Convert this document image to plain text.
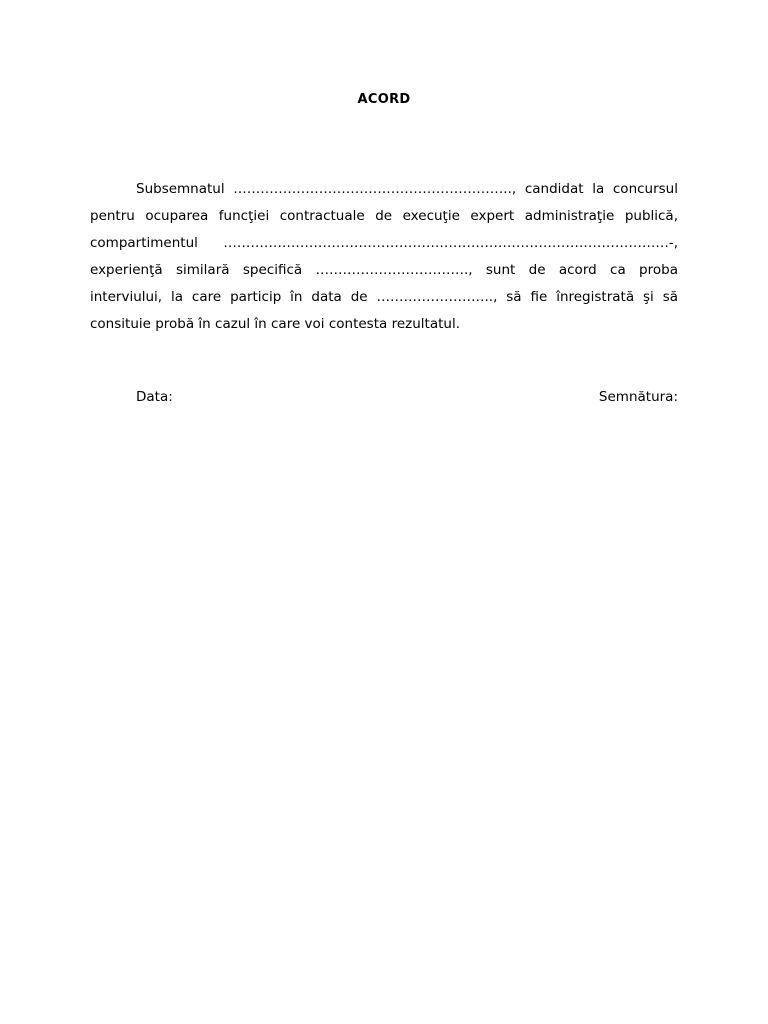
ACORD

Subsemnatul …………………………………………………….., candidat la concursul pentru ocuparea funcţiei contractuale de execuţie expert administraţie publică, compartimentul ………………………………………………………………………………………-, experienţă similară specifică ……………………………., sunt de acord ca proba interviului, la care particip în data de …………………….., să fie înregistrată şi să consituie probă în cazul în care voi contesta rezultatul.

Data:	Semnătura:
